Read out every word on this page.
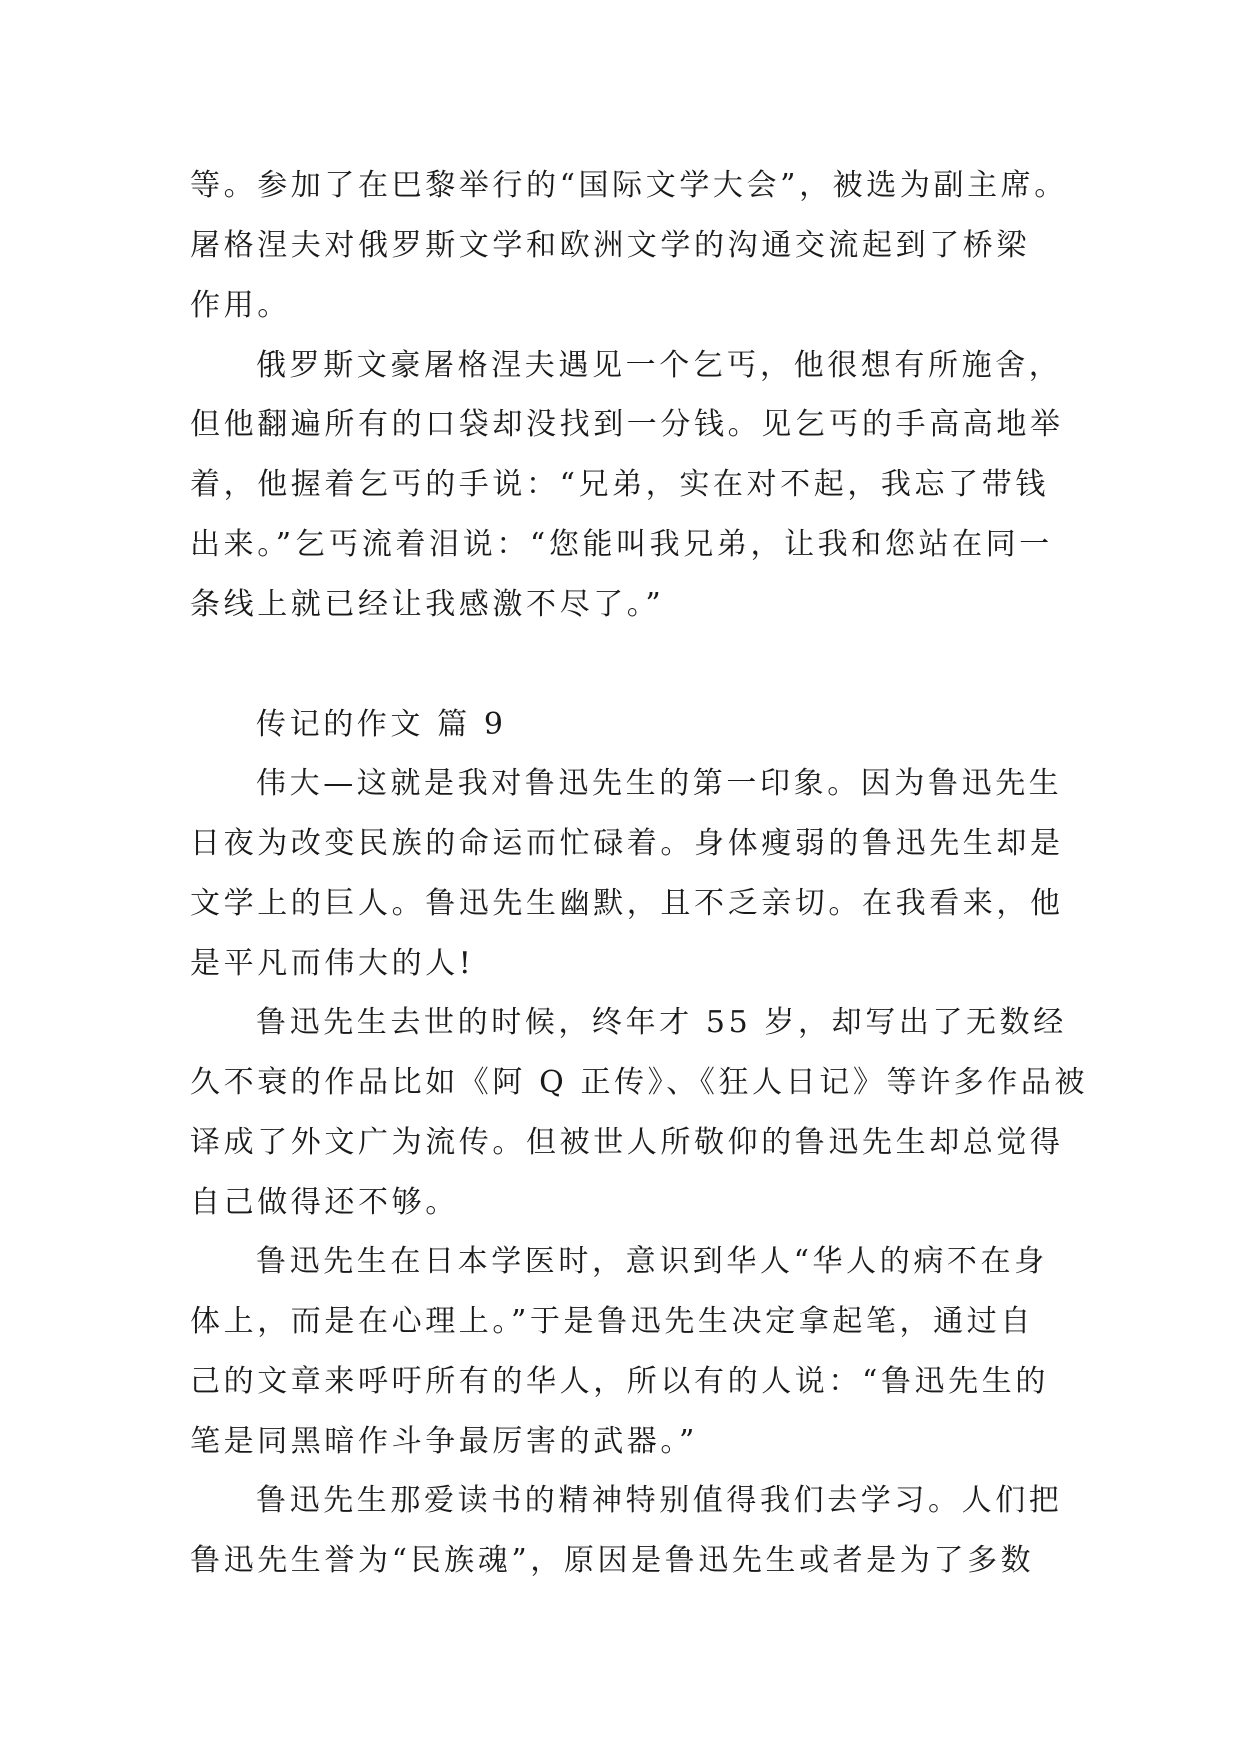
等。参加了在巴黎举行的“国际文学大会”，被选为副主席。
屠格涅夫对俄罗斯文学和欧洲文学的沟通交流起到了桥梁
作用。
俄罗斯文豪屠格涅夫遇见一个乞丐，他很想有所施舍，
但他翻遍所有的口袋却没找到一分钱。见乞丐的手高高地举
着，他握着乞丐的手说：“兄弟，实在对不起，我忘了带钱
出来。”乞丐流着泪说：“您能叫我兄弟，让我和您站在同一
条线上就已经让我感激不尽了。”
传记的作文 篇 9
伟大—这就是我对鲁迅先生的第一印象。因为鲁迅先生
日夜为改变民族的命运而忙碌着。身体瘦弱的鲁迅先生却是
文学上的巨人。鲁迅先生幽默，且不乏亲切。在我看来，他
是平凡而伟大的人!
鲁迅先生去世的时候，终年才 55 岁，却写出了无数经
久不衰的作品比如《阿 Q 正传》、《狂人日记》等许多作品被
译成了外文广为流传。但被世人所敬仰的鲁迅先生却总觉得
自己做得还不够。
鲁迅先生在日本学医时，意识到华人“华人的病不在身
体上，而是在心理上。”于是鲁迅先生决定拿起笔，通过自
己的文章来呼吁所有的华人，所以有的人说：“鲁迅先生的
笔是同黑暗作斗争最厉害的武器。”
鲁迅先生那爱读书的精神特别值得我们去学习。人们把
鲁迅先生誉为“民族魂”，原因是鲁迅先生或者是为了多数
